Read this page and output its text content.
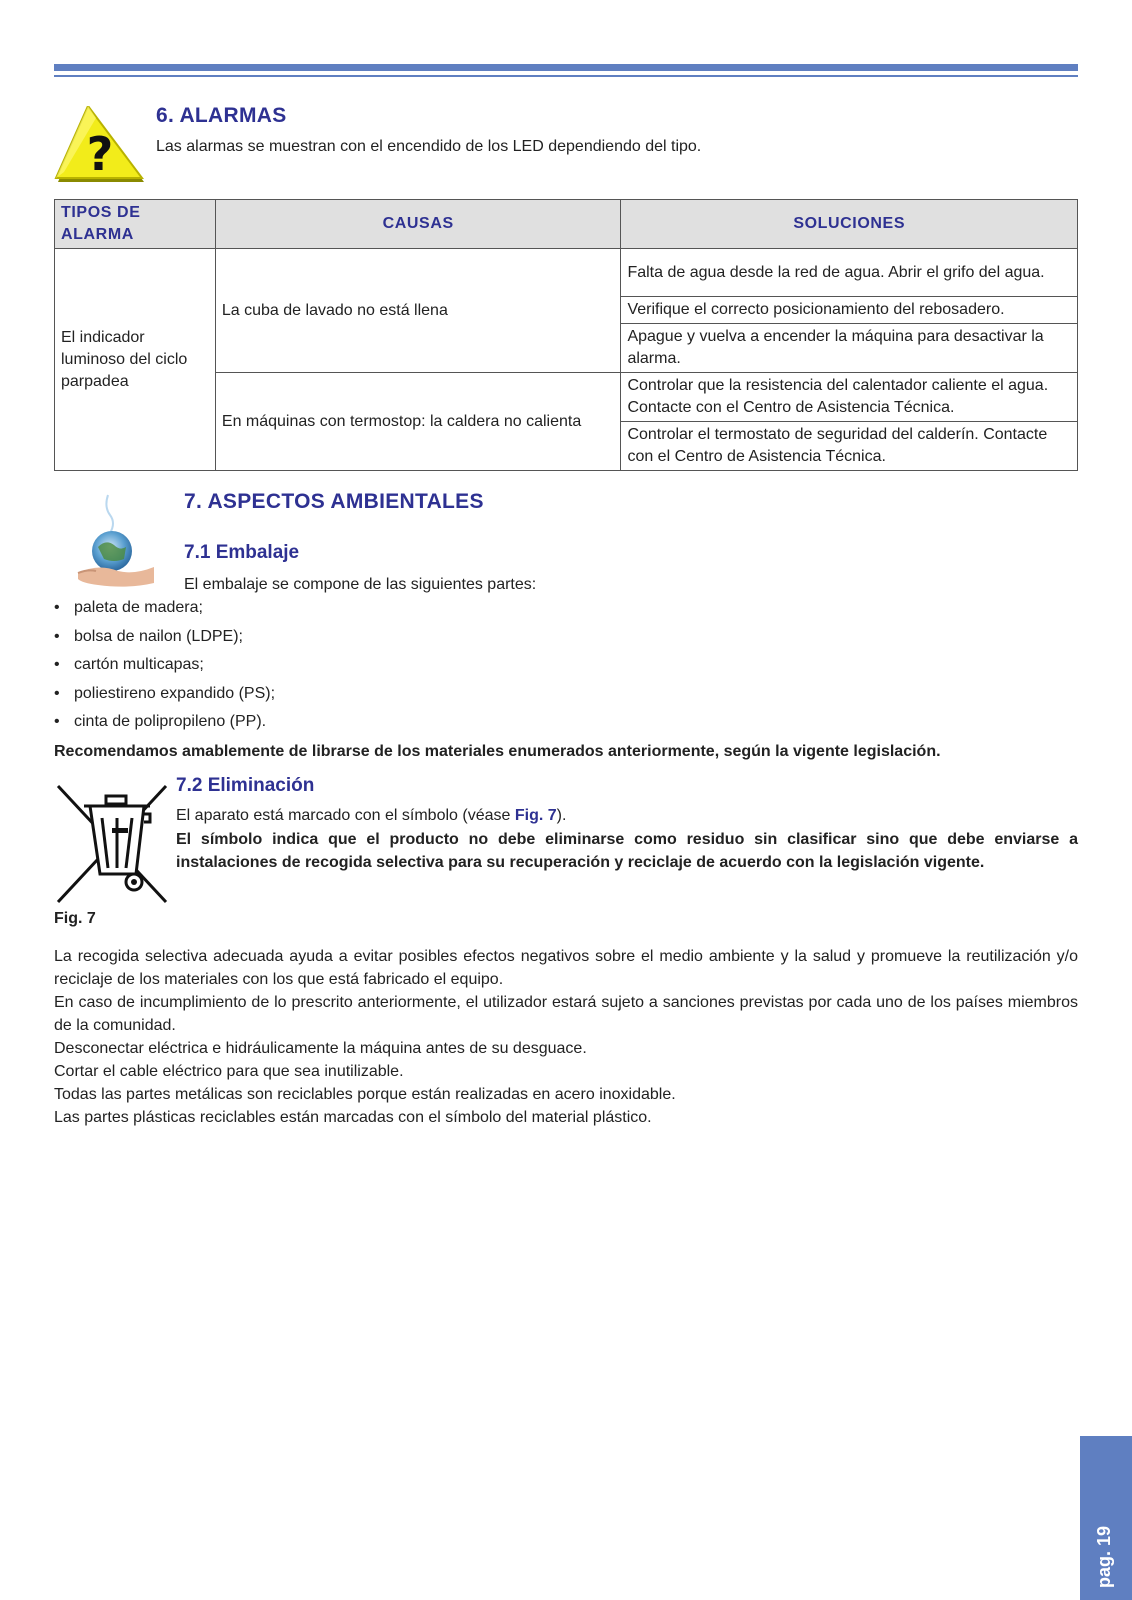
?
6. ALARMAS
Las alarmas se muestran con el encendido de los LED dependiendo del tipo.
TIPOS DE ALARMA	CAUSAS	SOLUCIONES
El indicador luminoso del ciclo parpadea	La cuba de lavado no está llena	Falta de agua desde la red de agua. Abrir el grifo del agua.
		Verifique el correcto posicionamiento del rebosadero.
		Apague y vuelva a encender la máquina para desactivar la alarma.
	En máquinas con termostop: la caldera no calienta	Controlar que la resistencia del calentador caliente el agua. Contacte con el Centro de Asistencia Técnica.
		Controlar el termostato de seguridad del calderín. Contacte con el Centro de Asistencia Técnica.
7. ASPECTOS AMBIENTALES
7.1 Embalaje
El embalaje se compone de las siguientes partes:
• paleta de madera;
• bolsa de nailon (LDPE);
• cartón multicapas;
• poliestireno expandido (PS);
• cinta de polipropileno (PP).
Recomendamos amablemente de librarse de los materiales enumerados anteriormente, según la vigente legislación.
7.2 Eliminación
El aparato está marcado con el símbolo (véase Fig. 7).
El símbolo indica que el producto no debe eliminarse como residuo sin clasificar sino que debe enviarse a instalaciones de recogida selectiva para su recuperación y reciclaje de acuerdo con la legislación vigente.
Fig. 7
La recogida selectiva adecuada ayuda a evitar posibles efectos negativos sobre el medio ambiente y la salud y promueve la reutilización y/o reciclaje de los materiales con los que está fabricado el equipo.
En caso de incumplimiento de lo prescrito anteriormente, el utilizador estará sujeto a sanciones previstas por cada uno de los países miembros de la comunidad.
Desconectar eléctrica e hidráulicamente la máquina antes de su desguace.
Cortar el cable eléctrico para que sea inutilizable.
Todas las partes metálicas son reciclables porque están realizadas en acero inoxidable.
Las partes plásticas reciclables están marcadas con el símbolo del material plástico.
pag. 19
